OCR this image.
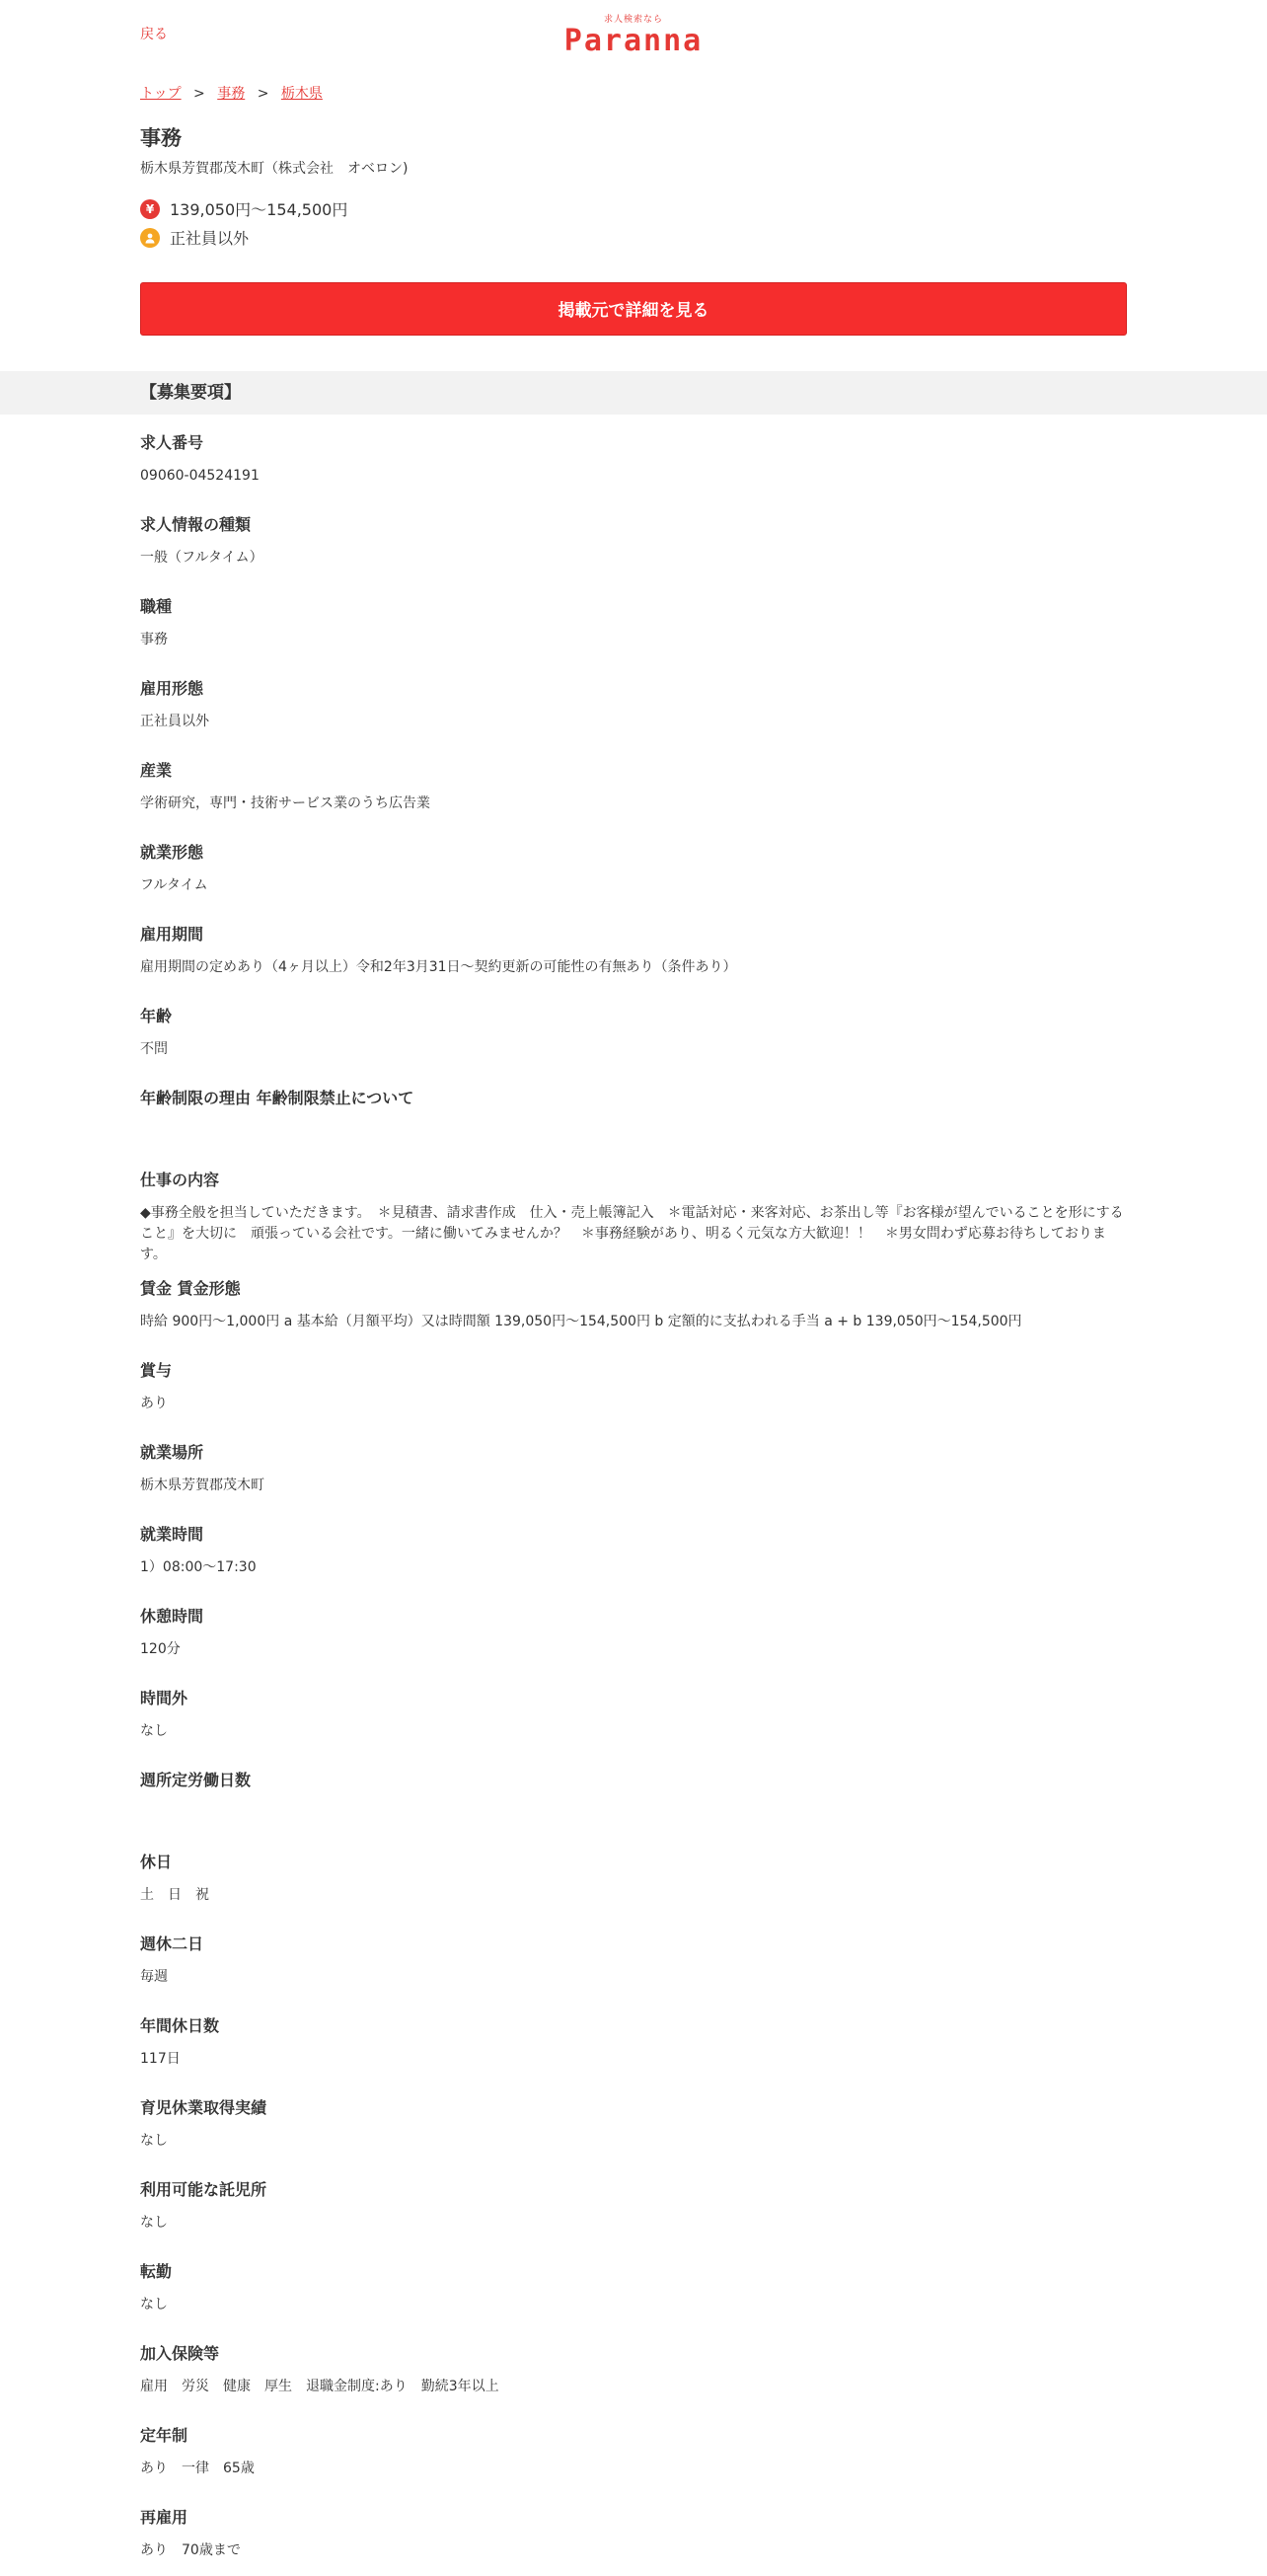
戻る
求人検索なら
Paranna
トップ > 事務 > 栃木県
事務

栃木県芳賀郡茂木町（株式会社　オベロン)

¥ 139,050円～154,500円
正社員以外
掲載元で詳細を見る
【募集要項】
求人番号

09060-04524191

求人情報の種類

一般（フルタイム）

職種

事務

雇用形態

正社員以外

産業

学術研究，専門・技術サービス業のうち広告業

就業形態

フルタイム

雇用期間

雇用期間の定めあり（4ヶ月以上）令和2年3月31日～契約更新の可能性の有無あり（条件あり）

年齢

不問

年齢制限の理由 年齢制限禁止について

仕事の内容

◆事務全般を担当していただきます。　＊見積書、請求書作成　仕入・売上帳簿記入　＊電話対応・来客対応、お茶出し等『お客様が望んでいることを形にすること』を大切に　頑張っている会社です。一緒に働いてみませんか？　＊事務経験があり、明るく元気な方大歓迎！！　＊男女問わず応募お待ちしております。

賃金 賃金形態

時給 900円～1,000円 a 基本給（月額平均）又は時間額 139,050円～154,500円 b 定額的に支払われる手当 a + b 139,050円～154,500円

賞与

あり

就業場所

栃木県芳賀郡茂木町

就業時間

1）08:00～17:30

休憩時間

120分

時間外

なし

週所定労働日数

休日

土　日　祝

週休二日

毎週

年間休日数

117日

育児休業取得実績

なし

利用可能な託児所

なし

転勤

なし

加入保険等

雇用　労災　健康　厚生　退職金制度:あり　勤続3年以上

定年制

あり　一律　65歳

再雇用

あり　70歳まで
